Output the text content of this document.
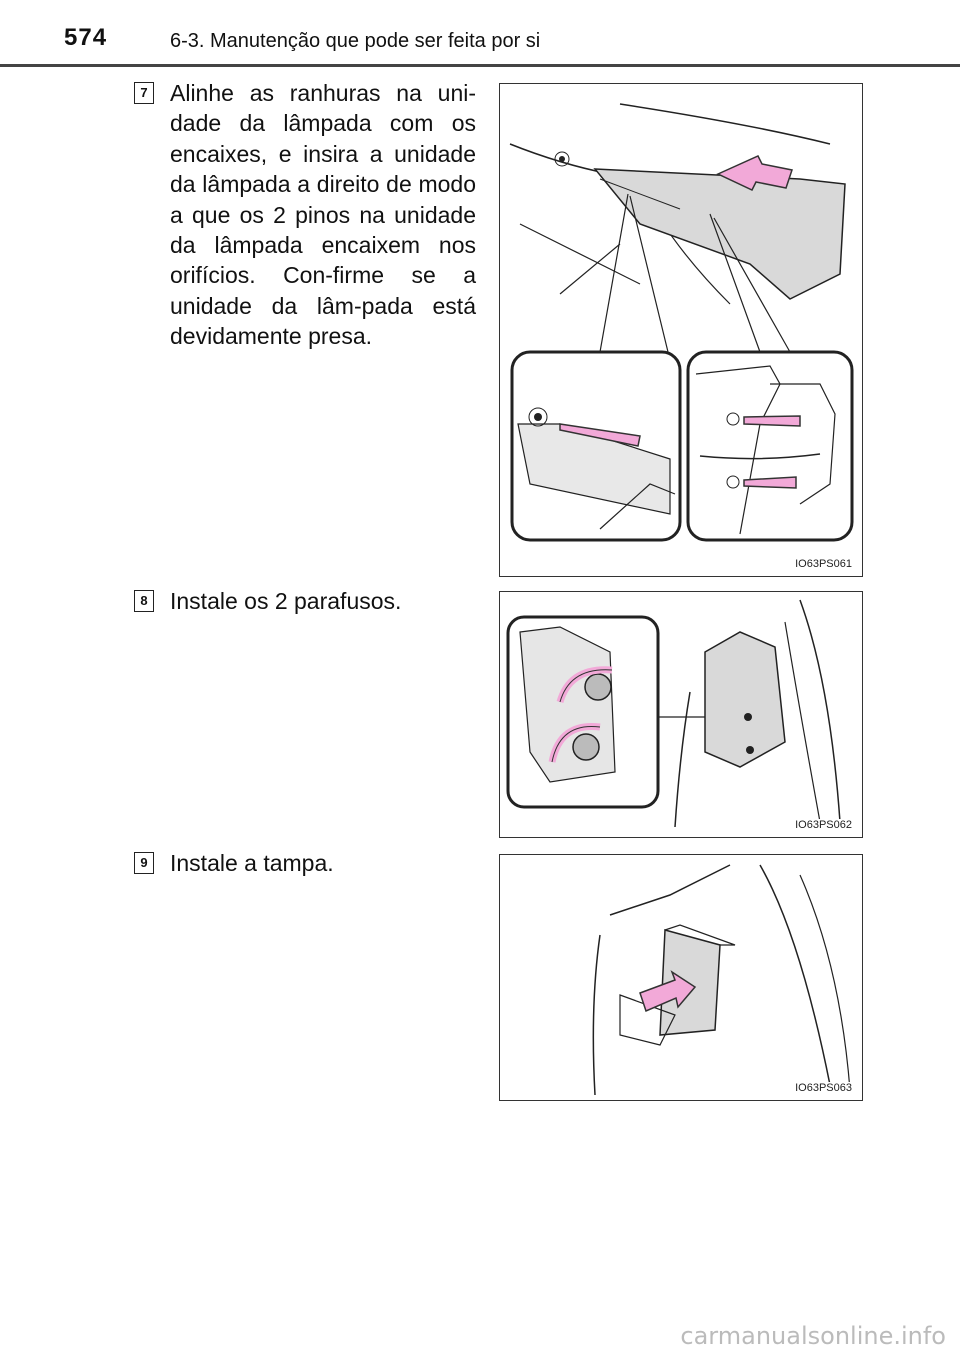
574	6-3. Manutenção que pode ser feita por si
7 Alinhe as ranhuras na uni-dade da lâmpada com os encaixes, e insira a unidade da lâmpada a direito de modo a que os 2 pinos na unidade da lâmpada encaixem nos orifícios. Con-firme se a unidade da lâm-pada está devidamente presa.
IO63PS061
8 Instale os 2 parafusos.
IO63PS062
9 Instale a tampa.
IO63PS063
carmanualsonline.info
